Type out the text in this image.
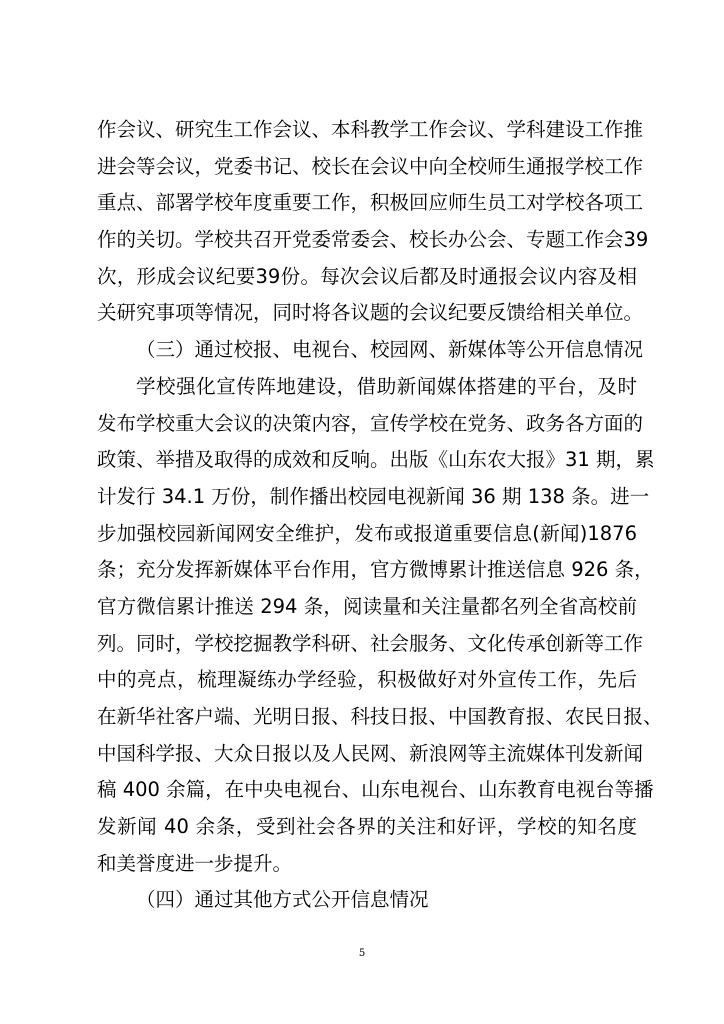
作会议、研究生工作会议、本科教学工作会议、学科建设工作推
进会等会议，党委书记、校长在会议中向全校师生通报学校工作
重点、部署学校年度重要工作，积极回应师生员工对学校各项工
作的关切。学校共召开党委常委会、校长办公会、专题工作会39
次，形成会议纪要39份。每次会议后都及时通报会议内容及相
关研究事项等情况，同时将各议题的会议纪要反馈给相关单位。
（三）通过校报、电视台、校园网、新媒体等公开信息情况
学校强化宣传阵地建设，借助新闻媒体搭建的平台，及时
发布学校重大会议的决策内容，宣传学校在党务、政务各方面的
政策、举措及取得的成效和反响。出版《山东农大报》31 期，累
计发行 34.1 万份，制作播出校园电视新闻 36 期 138 条。进一
步加强校园新闻网安全维护，发布或报道重要信息(新闻)1876
条；充分发挥新媒体平台作用，官方微博累计推送信息 926 条，
官方微信累计推送 294 条，阅读量和关注量都名列全省高校前
列。同时，学校挖掘教学科研、社会服务、文化传承创新等工作
中的亮点，梳理凝练办学经验，积极做好对外宣传工作，先后
在新华社客户端、光明日报、科技日报、中国教育报、农民日报、
中国科学报、大众日报以及人民网、新浪网等主流媒体刊发新闻
稿 400 余篇，在中央电视台、山东电视台、山东教育电视台等播
发新闻 40 余条，受到社会各界的关注和好评，学校的知名度
和美誉度进一步提升。
（四）通过其他方式公开信息情况
5
